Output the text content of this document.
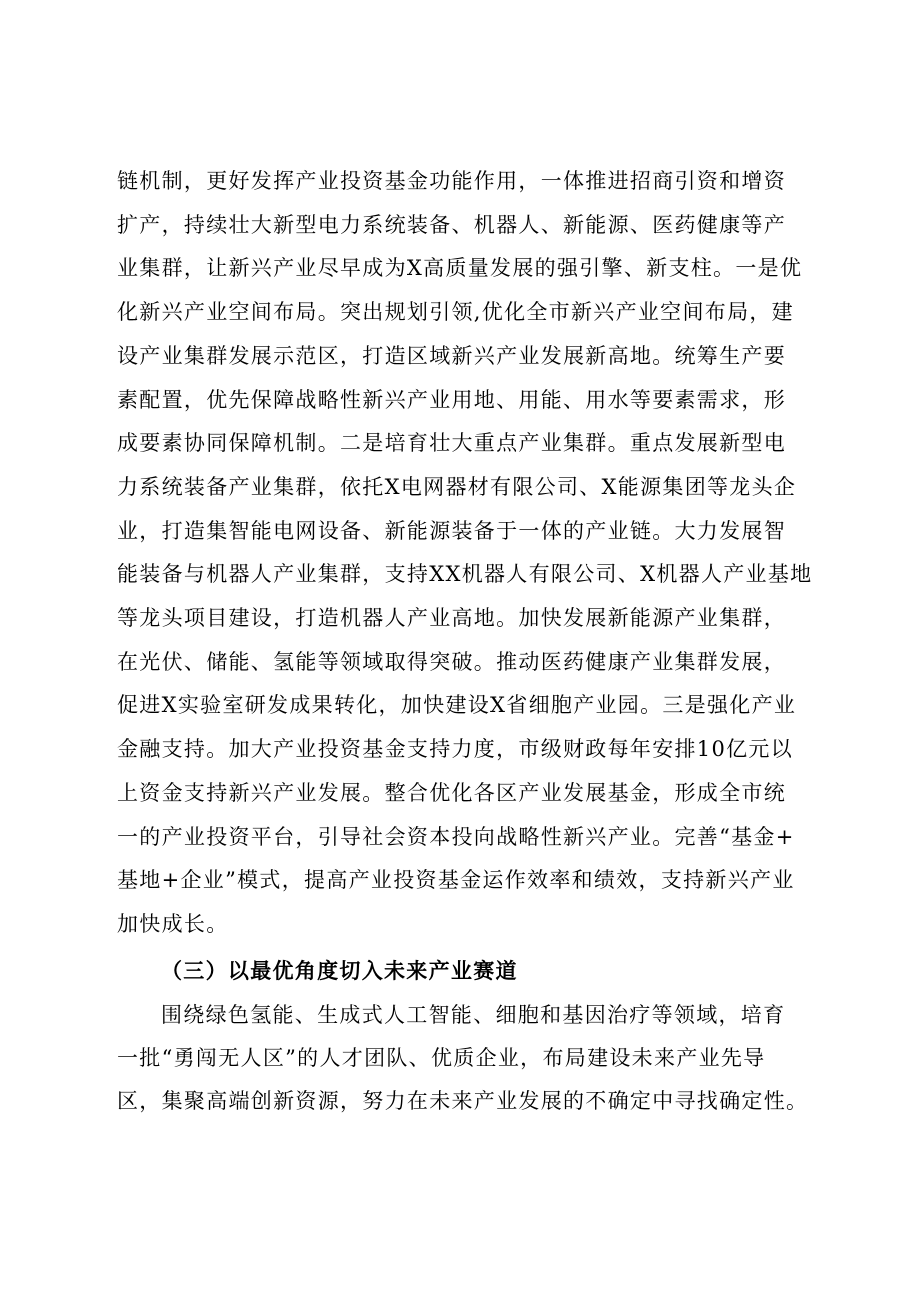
链机制，更好发挥产业投资基金功能作用，一体推进招商引资和增资
扩产，持续壮大新型电力系统装备、机器人、新能源、医药健康等产
业集群，让新兴产业尽早成为X高质量发展的强引擎、新支柱。一是优
化新兴产业空间布局。突出规划引领,优化全市新兴产业空间布局，建
设产业集群发展示范区，打造区域新兴产业发展新高地。统筹生产要
素配置，优先保障战略性新兴产业用地、用能、用水等要素需求，形
成要素协同保障机制。二是培育壮大重点产业集群。重点发展新型电
力系统装备产业集群，依托X电网器材有限公司、X能源集团等龙头企
业，打造集智能电网设备、新能源装备于一体的产业链。大力发展智
能装备与机器人产业集群，支持XX机器人有限公司、X机器人产业基地
等龙头项目建设，打造机器人产业高地。加快发展新能源产业集群，
在光伏、储能、氢能等领域取得突破。推动医药健康产业集群发展，
促进X实验室研发成果转化，加快建设X省细胞产业园。三是强化产业
金融支持。加大产业投资基金支持力度，市级财政每年安排10亿元以
上资金支持新兴产业发展。整合优化各区产业发展基金，形成全市统
一的产业投资平台，引导社会资本投向战略性新兴产业。完善“基金+
基地+企业”模式，提高产业投资基金运作效率和绩效，支持新兴产业
加快成长。
（三）以最优角度切入未来产业赛道
围绕绿色氢能、生成式人工智能、细胞和基因治疗等领域，培育
一批“勇闯无人区”的人才团队、优质企业，布局建设未来产业先导
区，集聚高端创新资源，努力在未来产业发展的不确定中寻找确定性。
